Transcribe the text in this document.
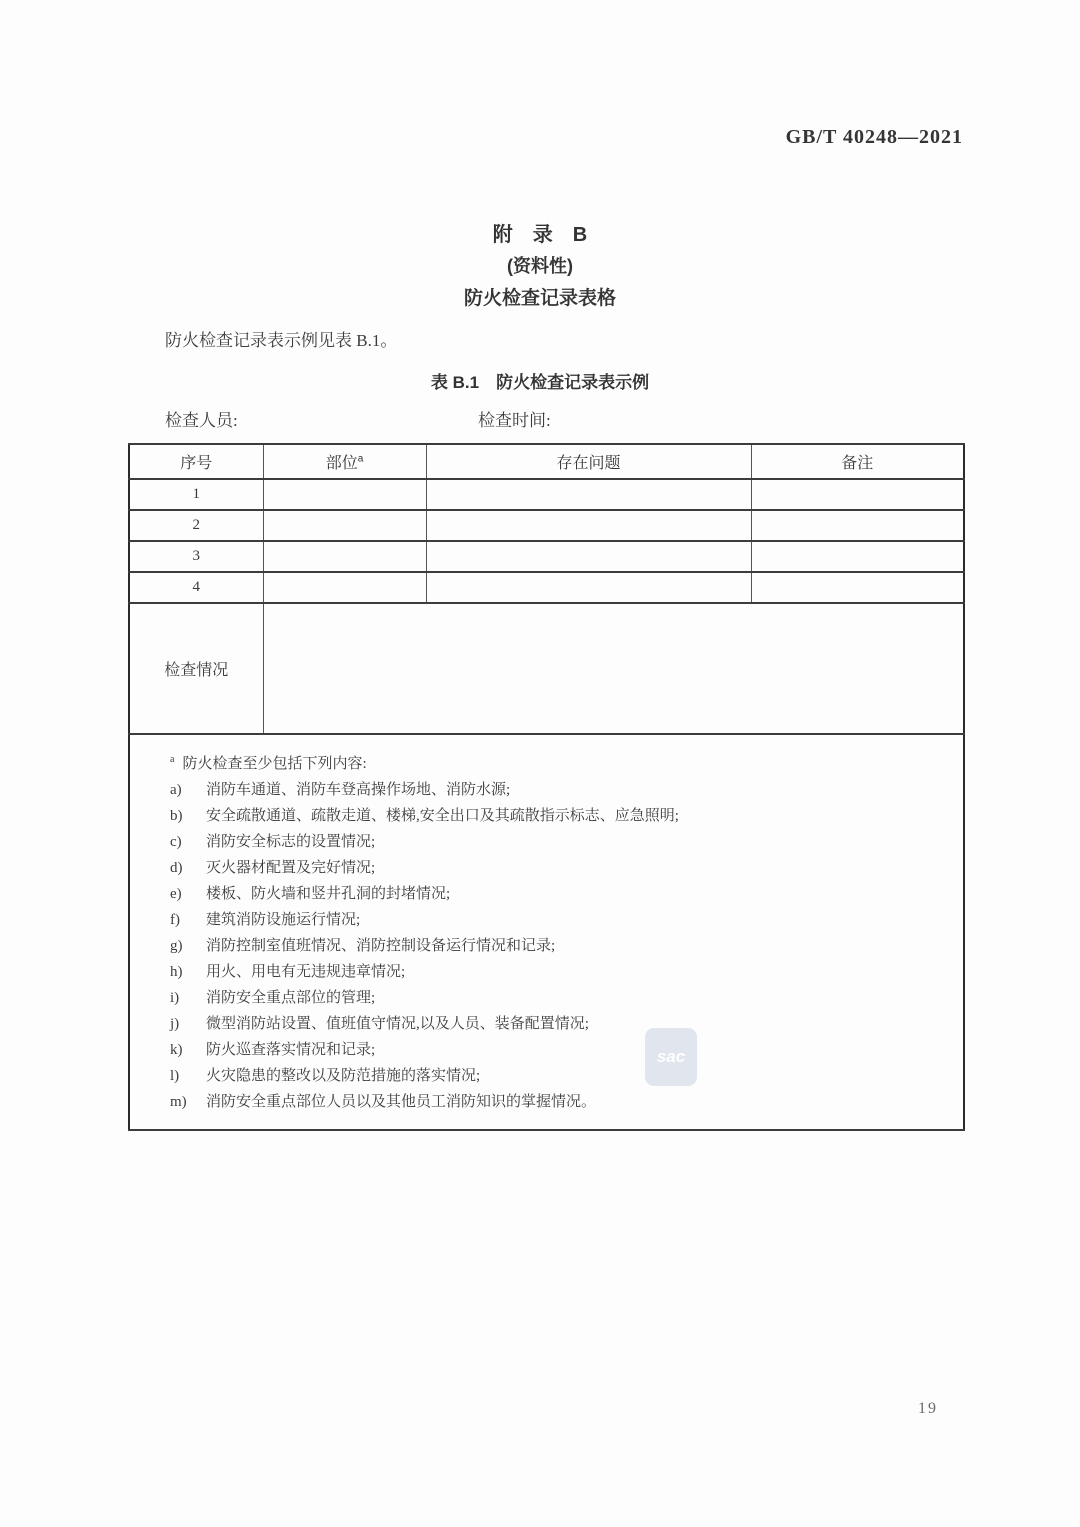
GB/T 40248—2021
附　录　B
(资料性)
防火检查记录表格
防火检查记录表示例见表 B.1。
表 B.1　防火检查记录表示例
检查人员:	检查时间:
序号	部位$^a$	存在问题	备注
1			
2			
3			
4			
检查情况			

$^a$ 防火检查至少包括下列内容:
a)	消防车通道、消防车登高操作场地、消防水源;
b)	安全疏散通道、疏散走道、楼梯,安全出口及其疏散指示标志、应急照明;
c)	消防安全标志的设置情况;
d)	灭火器材配置及完好情况;
e)	楼板、防火墙和竖井孔洞的封堵情况;
f)	建筑消防设施运行情况;
g)	消防控制室值班情况、消防控制设备运行情况和记录;
h)	用火、用电有无违规违章情况;
i)	消防安全重点部位的管理;
j)	微型消防站设置、值班值守情况,以及人员、装备配置情况;
k)	防火巡查落实情况和记录;
l)	火灾隐患的整改以及防范措施的落实情况;
m)	消防安全重点部位人员以及其他员工消防知识的掌握情况。
sac
19
